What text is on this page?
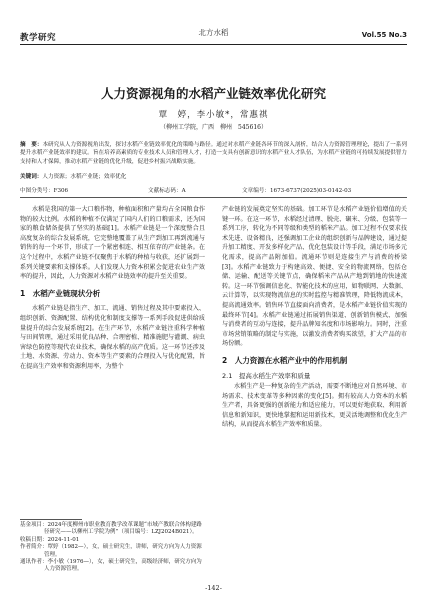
教学研究
北方水稻	Vol.55 No.3
人力资源视角的水稻产业链效率优化研究
覃　婷，李小敏*，常惠祺
（柳州工学院，广西　柳州　545616）
摘　要：本研究从人力资源视角出发，探讨水稻产业链效率优化的策略与路径。通过对水稻产业链各环节的深入剖析，结合人力资源管理理论，提出了一系列提升水稻产业链效率的建议。旨在培养高素质的专业技术人员和管理人才，打造一支具有创新意识的水稻产业人才队伍，为水稻产业链的可持续发展提供智力支持和人才保障，推动水稻产业链的优化升级，促进乡村振兴战略实施。
关键词：人力资源；水稻产业链；效率优化
中图分类号：F306	文献标志码：A	文章编号：1673-6737(2025)03-0142-03

水稻是我国的第一大口粮作物，种植面积和产量均占全国粮食作物的较大比例。水稻的种植不仅满足了国内人们的口粮需求，还为国家的粮食储备提供了坚实的基础[1]。水稻产业链是一个深度整合且高度复杂的综合发展系统，它完整地覆盖了从生产到加工再到流通与销售的每一个环节，形成了一个紧密相连、相互依存的产业链条。在这个过程中，水稻产业链不仅聚焦于水稻的种植与收获，还扩展到一系列关键要素和支撑体系。人们发现人力资本积累会促进农业生产效率的提升，因此，人力资源对水稻产业链效率的提升至关重要。

1　水稻产业链现状分析

水稻产业链是指生产、加工、流通、销售过程及其中要素投入、组织创新、资源配置、结构优化和制度支撑等一系列手段促进供给质量提升的综合发展系统[2]。在生产环节，水稻产业链注重科学种植与田间管理，通过采用优良品种、合理密植、精准施肥与灌溉、病虫害绿色防控等现代农业技术，确保水稻的高产优质。这一环节还涉及土地、水资源、劳动力、资本等生产要素的合理投入与优化配置，旨在提高生产效率和资源利用率，为整个

基金项目：2024年度柳州市职业教育教学改革课题“市域产教联合体构建路径研究——以柳州工学院为例”（项目编号：LZJ2024B021）。
收稿日期：2024-11-01
作者简介：覃婷（1982—），女，硕士研究生，讲师，研究方向为人力资源管理。
通讯作者：李小敏（1976—），女，硕士研究生，高级经济师，研究方向为人力资源管理。

产业链的发展奠定坚实的基础。加工环节是水稻产业链价值增值的关键一环。在这一环节，水稻经过清理、脱壳、碾米、分级、包装等一系列工序，转化为不同等级和类型的稻米产品。加工过程不仅要求技术先进、设备精良，还强调加工企业的组织创新与品牌建设，通过提升加工精度、开发多样化产品、优化包装设计等手段，满足市场多元化需求，提高产品附加值。流通环节则是连接生产与消费的桥梁[3]。水稻产业链致力于构建高效、便捷、安全的物流网络，包括仓储、运输、配送等关键节点，确保稻米产品从产地到销地的快速流转。这一环节强调信息化、智能化技术的应用，如物联网、大数据、云计算等，以实现物流信息的实时监控与精准管理，降低物流成本，提高流通效率。销售环节直接面向消费者，是水稻产业链价值实现的最终环节[4]。水稻产业链通过拓展销售渠道、创新销售模式、加强与消费者的互动与连接，提升品牌知名度和市场影响力。同时，注重市场营销策略的制定与实施，以激发消费者购买欲望，扩大产品的市场份额。

2　人力资源在水稻产业中的作用机制
2.1　提高水稻生产效率和质量

水稻生产是一种复杂的生产活动，需要不断地应对自然环境、市场需求、技术变革等多种因素的变化[5]。拥有较高人力资本的水稻生产者，具备更强的创新能力和适应能力，可以更好地获取、利用新信息和新知识，更快地掌握和运用新技术，更灵活地调整和优化生产结构，从而提高水稻生产效率和质量。

-142-
